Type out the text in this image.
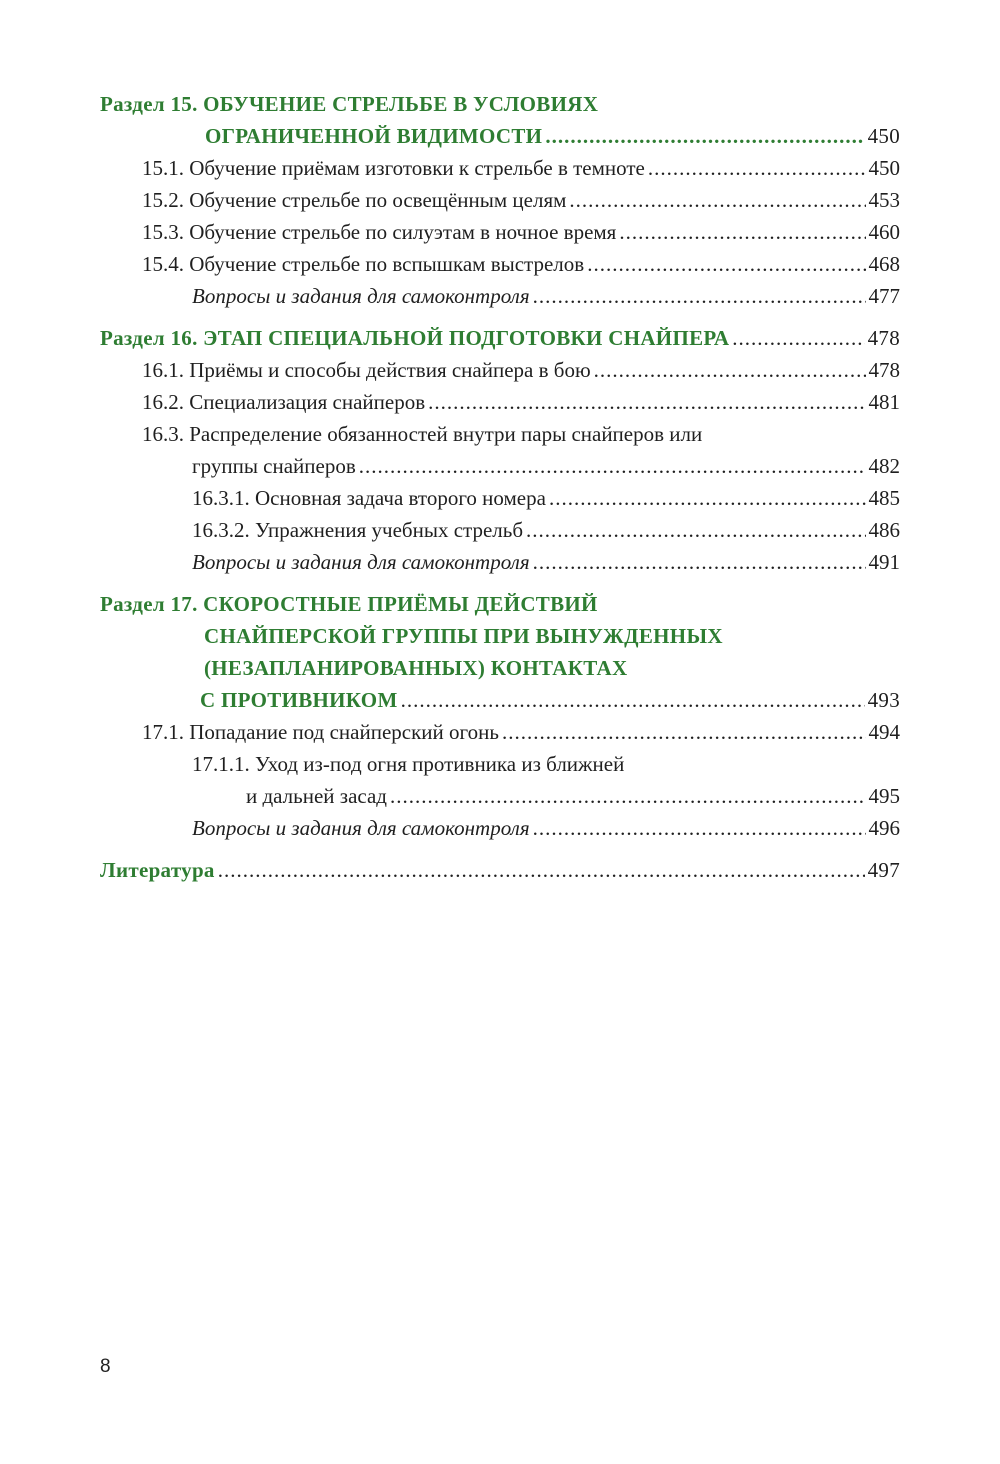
Раздел 15. ОБУЧЕНИЕ СТРЕЛЬБЕ В УСЛОВИЯХ
ОГРАНИЧЕННОЙ ВИДИМОСТИ .....	450
15.1. Обучение приёмам изготовки к стрельбе в темноте .....	450
15.2. Обучение стрельбе по освещённым целям .....	453
15.3. Обучение стрельбе по силуэтам в ночное время .....	460
15.4. Обучение стрельбе по вспышкам выстрелов .....	468
Вопросы и задания для самоконтроля .....	477
Раздел 16. ЭТАП СПЕЦИАЛЬНОЙ ПОДГОТОВКИ СНАЙПЕРА .....	478
16.1. Приёмы и способы действия снайпера в бою .....	478
16.2. Специализация снайперов .....	481
16.3. Распределение обязанностей внутри пары снайперов или
группы снайперов .....	482
16.3.1. Основная задача второго номера .....	485
16.3.2. Упражнения учебных стрельб .....	486
Вопросы и задания для самоконтроля .....	491
Раздел 17. СКОРОСТНЫЕ ПРИЁМЫ ДЕЙСТВИЙ
СНАЙПЕРСКОЙ ГРУППЫ ПРИ ВЫНУЖДЕННЫХ
(НЕЗАПЛАНИРОВАННЫХ) КОНТАКТАХ
С ПРОТИВНИКОМ .....	493
17.1. Попадание под снайперский огонь .....	494
17.1.1. Уход из-под огня противника из ближней
и дальней засад .....	495
Вопросы и задания для самоконтроля .....	496
Литература .....	497
8
